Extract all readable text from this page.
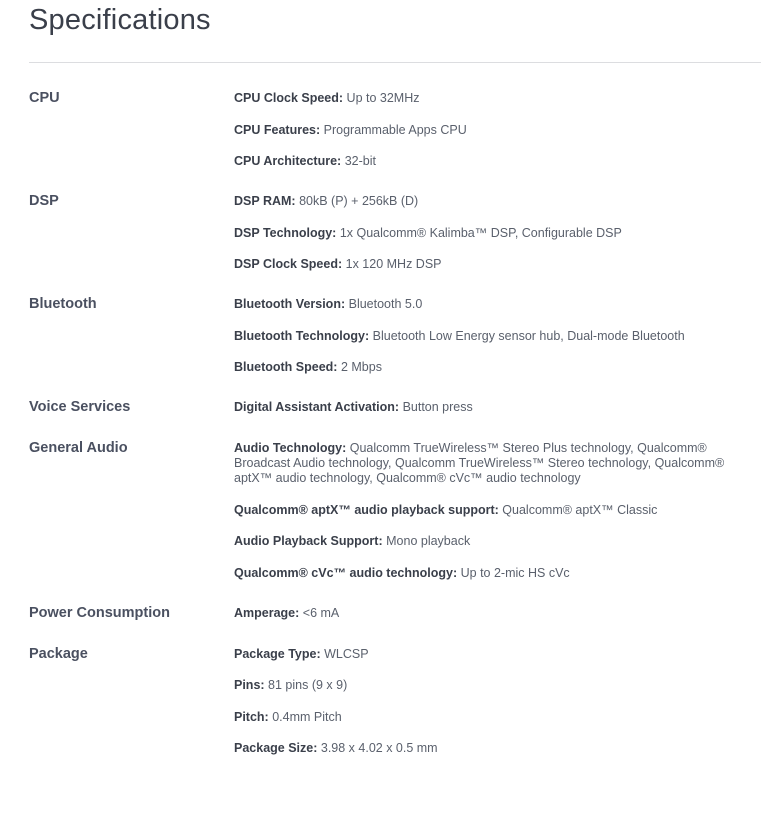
Specifications
CPU	CPU Clock Speed: Up to 32MHz
CPU Features: Programmable Apps CPU
CPU Architecture: 32-bit
DSP	DSP RAM: 80kB (P) + 256kB (D)
DSP Technology: 1x Qualcomm® Kalimba™ DSP, Configurable DSP
DSP Clock Speed: 1x 120 MHz DSP
Bluetooth	Bluetooth Version: Bluetooth 5.0
Bluetooth Technology: Bluetooth Low Energy sensor hub, Dual-mode Bluetooth
Bluetooth Speed: 2 Mbps
Voice Services	Digital Assistant Activation: Button press
General Audio	Audio Technology: Qualcomm TrueWireless™ Stereo Plus technology, Qualcomm® Broadcast Audio technology, Qualcomm TrueWireless™ Stereo technology, Qualcomm® aptX™ audio technology, Qualcomm® cVc™ audio technology
Qualcomm® aptX™ audio playback support: Qualcomm® aptX™ Classic
Audio Playback Support: Mono playback
Qualcomm® cVc™ audio technology: Up to 2-mic HS cVc
Power Consumption	Amperage: <6 mA
Package	Package Type: WLCSP
Pins: 81 pins (9 x 9)
Pitch: 0.4mm Pitch
Package Size: 3.98 x 4.02 x 0.5 mm
